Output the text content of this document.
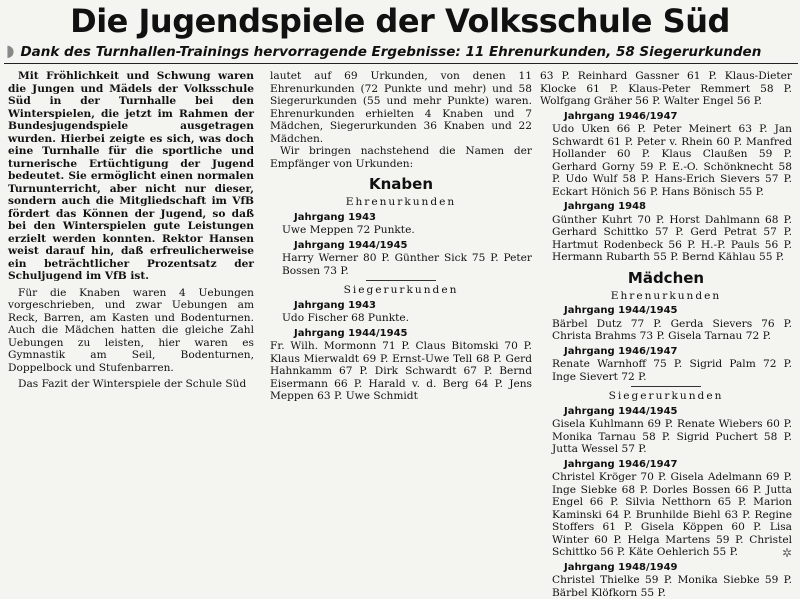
Die Jugendspiele der Volksschule Süd
◗ Dank des Turnhallen-Trainings hervorragende Ergebnisse: 11 Ehrenurkunden, 58 Siegerurkunden

Mit Fröhlichkeit und Schwung waren die Jungen und Mädels der Volksschule Süd in der Turnhalle bei den Winterspielen, die jetzt im Rahmen der Bundesjugendspiele ausgetragen wurden. Hierbei zeigte es sich, was doch eine Turnhalle für die sportliche und turnerische Ertüchtigung der Jugend bedeutet. Sie ermöglicht einen normalen Turnunterricht, aber nicht nur dieser, sondern auch die Mitgliedschaft im VfB fördert das Können der Jugend, so daß bei den Winterspielen gute Leistungen erzielt werden konnten. Rektor Hansen weist darauf hin, daß erfreulicherweise ein beträchtlicher Prozentsatz der Schuljugend im VfB ist.

Für die Knaben waren 4 Uebungen vorgeschrieben, und zwar Uebungen am Reck, Barren, am Kasten und Bodenturnen. Auch die Mädchen hatten die gleiche Zahl Uebungen zu leisten, hier waren es Gymnastik am Seil, Bodenturnen, Doppelbock und Stufenbarren.

Das Fazit der Winterspiele der Schule Süd

lautet auf 69 Urkunden, von denen 11 Ehrenurkunden (72 Punkte und mehr) und 58 Siegerurkunden (55 und mehr Punkte) waren. Ehrenurkunden erhielten 4 Knaben und 7 Mädchen, Siegerurkunden 36 Knaben und 22 Mädchen.

Wir bringen nachstehend die Namen der Empfänger von Urkunden:

Knaben
Ehrenurkunden
Jahrgang 1943

Uwe Meppen 72 Punkte.

Jahrgang 1944/1945

Harry Werner 80 P. Günther Sick 75 P. Peter Bossen 73 P.

Siegerurkunden
Jahrgang 1943

Udo Fischer 68 Punkte.

Jahrgang 1944/1945

Fr. Wilh. Mormonn 71 P. Claus Bitomski 70 P. Klaus Mierwaldt 69 P. Ernst-Uwe Tell 68 P. Gerd Hahnkamm 67 P. Dirk Schwardt 67 P. Bernd Eisermann 66 P. Harald v. d. Berg 64 P. Jens Meppen 63 P. Uwe Schmidt

63 P. Reinhard Gassner 61 P. Klaus-Dieter Klocke 61 P. Klaus-Peter Remmert 58 P. Wolfgang Gräher 56 P. Walter Engel 56 P.

Jahrgang 1946/1947

Udo Uken 66 P. Peter Meinert 63 P. Jan Schwardt 61 P. Peter v. Rhein 60 P. Manfred Hollander 60 P. Klaus Claußen 59 P. Gerhard Gorny 59 P. E.-O. Schönknecht 58 P. Udo Wulf 58 P. Hans-Erich Sievers 57 P. Eckart Hönich 56 P. Hans Bönisch 55 P.

Jahrgang 1948

Günther Kuhrt 70 P. Horst Dahlmann 68 P. Gerhard Schittko 57 P. Gerd Petrat 57 P. Hartmut Rodenbeck 56 P. H.-P. Pauls 56 P. Hermann Rubarth 55 P. Bernd Kählau 55 P.

Mädchen
Ehrenurkunden
Jahrgang 1944/1945

Bärbel Dutz 77 P. Gerda Sievers 76 P. Christa Brahms 73 P. Gisela Tarnau 72 P.

Jahrgang 1946/1947

Renate Warnhoff 75 P. Sigrid Palm 72 P. Inge Sievert 72 P.

Siegerurkunden
Jahrgang 1944/1945

Gisela Kuhlmann 69 P. Renate Wiebers 60 P. Monika Tarnau 58 P. Sigrid Puchert 58 P. Jutta Wessel 57 P.

Jahrgang 1946/1947

Christel Kröger 70 P. Gisela Adelmann 69 P. Inge Siebke 68 P. Dorles Bossen 66 P. Jutta Engel 66 P. Silvia Netthorn 65 P. Marion Kaminski 64 P. Brunhilde Biehl 63 P. Regine Stoffers 61 P. Gisela Köppen 60 P. Lisa Winter 60 P. Helga Martens 59 P. Christel Schittko 56 P. Käte Oehlerich 55 P.

Jahrgang 1948/1949

Christel Thielke 59 P. Monika Siebke 59 P. Bärbel Klöfkorn 55 P.

✲
